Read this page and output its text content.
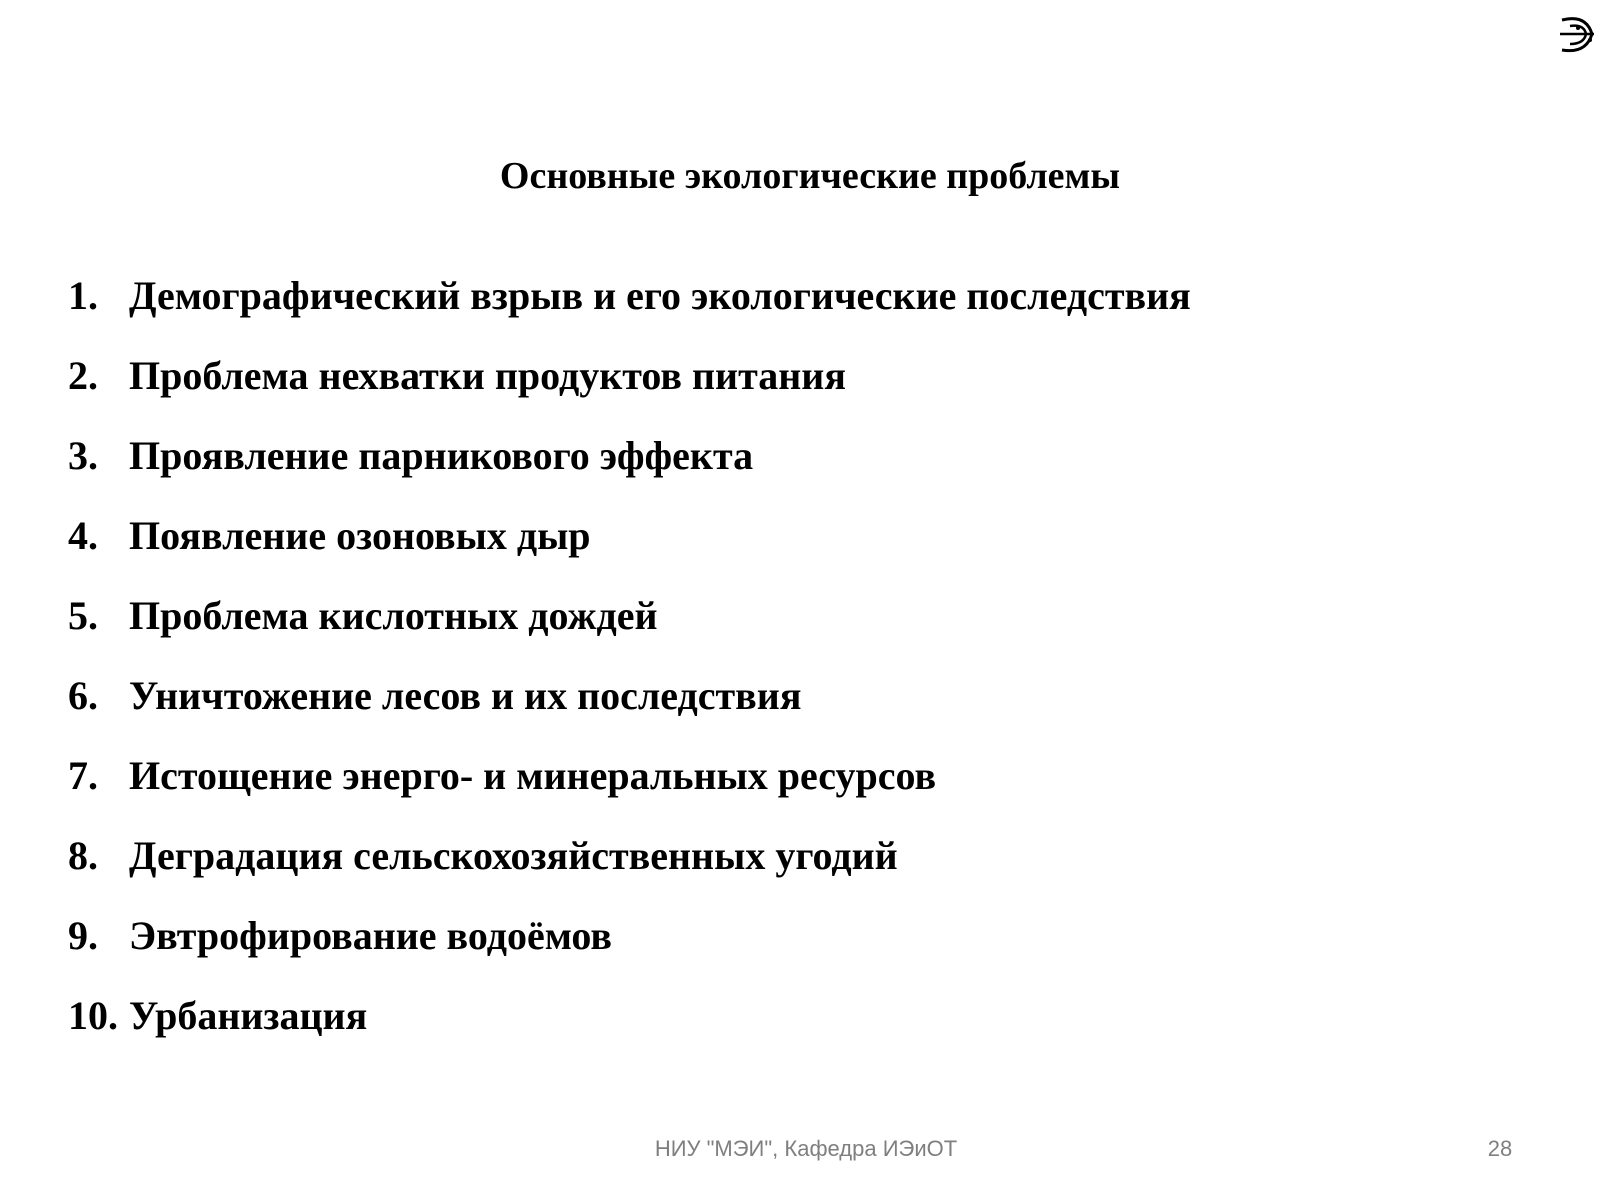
Основные экологические проблемы
1. Демографический взрыв и его экологические последствия
2. Проблема нехватки продуктов питания
3. Проявление парникового эффекта
4. Появление озоновых дыр
5. Проблема кислотных дождей
6. Уничтожение лесов и их последствия
7. Истощение энерго- и минеральных ресурсов
8. Деградация сельскохозяйственных угодий
9. Эвтрофирование водоёмов
10. Урбанизация
НИУ "МЭИ", Кафедра ИЭиОТ	28
